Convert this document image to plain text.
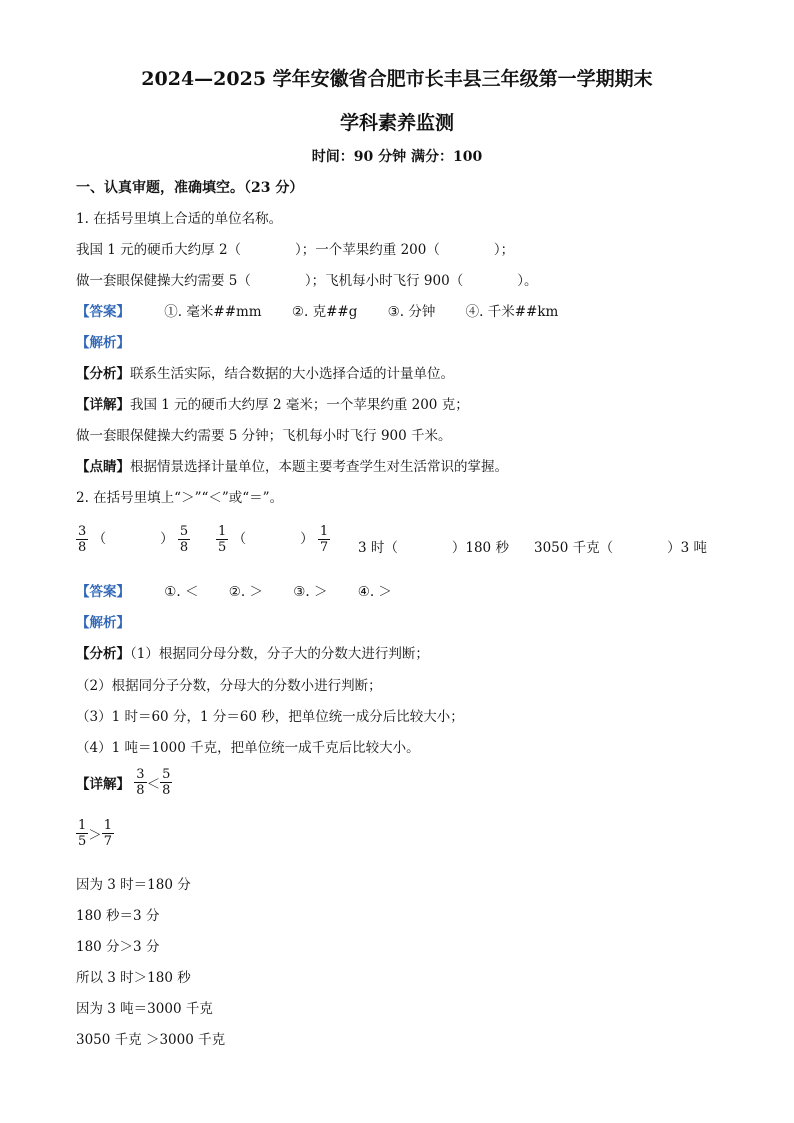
2024—2025 学年安徽省合肥市长丰县三年级第一学期期末
学科素养监测
时间：90 分钟 满分：100
一、认真审题，准确填空。（23 分）
1. 在括号里填上合适的单位名称。
我国 1 元的硬币大约厚 2（　　　　）；一个苹果约重 200（　　　　）；
做一套眼保健操大约需要 5（　　　　）；飞机每小时飞行 900（　　　　）。
【答案】	①. 毫米##mm ②. 克##g ③. 分钟 ④. 千米##km
【解析】
【分析】联系生活实际，结合数据的大小选择合适的计量单位。
【详解】我国 1 元的硬币大约厚 2 毫米；一个苹果约重 200 克；
做一套眼保健操大约需要 5 分钟；飞机每小时飞行 900 千米。
【点睛】根据情景选择计量单位，本题主要考查学生对生活常识的掌握。
2. 在括号里填上“＞”“＜”或“＝”。
$\frac{3}{8}$ （　　　　） $\frac{5}{8} \frac{1}{5}$ （　　　　） $\frac{1}{7} 3$ 时（　　　　）180 秒 3050 千克（　　　　）3 吨
【答案】	①. ＜ ②. ＞ ③. ＞ ④. ＞
【解析】
【分析】（1）根据同分母分数，分子大的分数大进行判断；
（2）根据同分子分数，分母大的分数小进行判断；
（3）1 时＝60 分，1 分＝60 秒，把单位统一成分后比较大小；
（4）1 吨＝1000 千克，把单位统一成千克后比较大小。
【详解】 $\frac{3}{8} < \frac{5}{8}$
$\frac{1}{5} > \frac{1}{7}$
因为 3 时＝180 分
180 秒＝3 分
180 分＞3 分
所以 3 时＞180 秒
因为 3 吨＝3000 千克
3050 千克 ＞3000 千克
